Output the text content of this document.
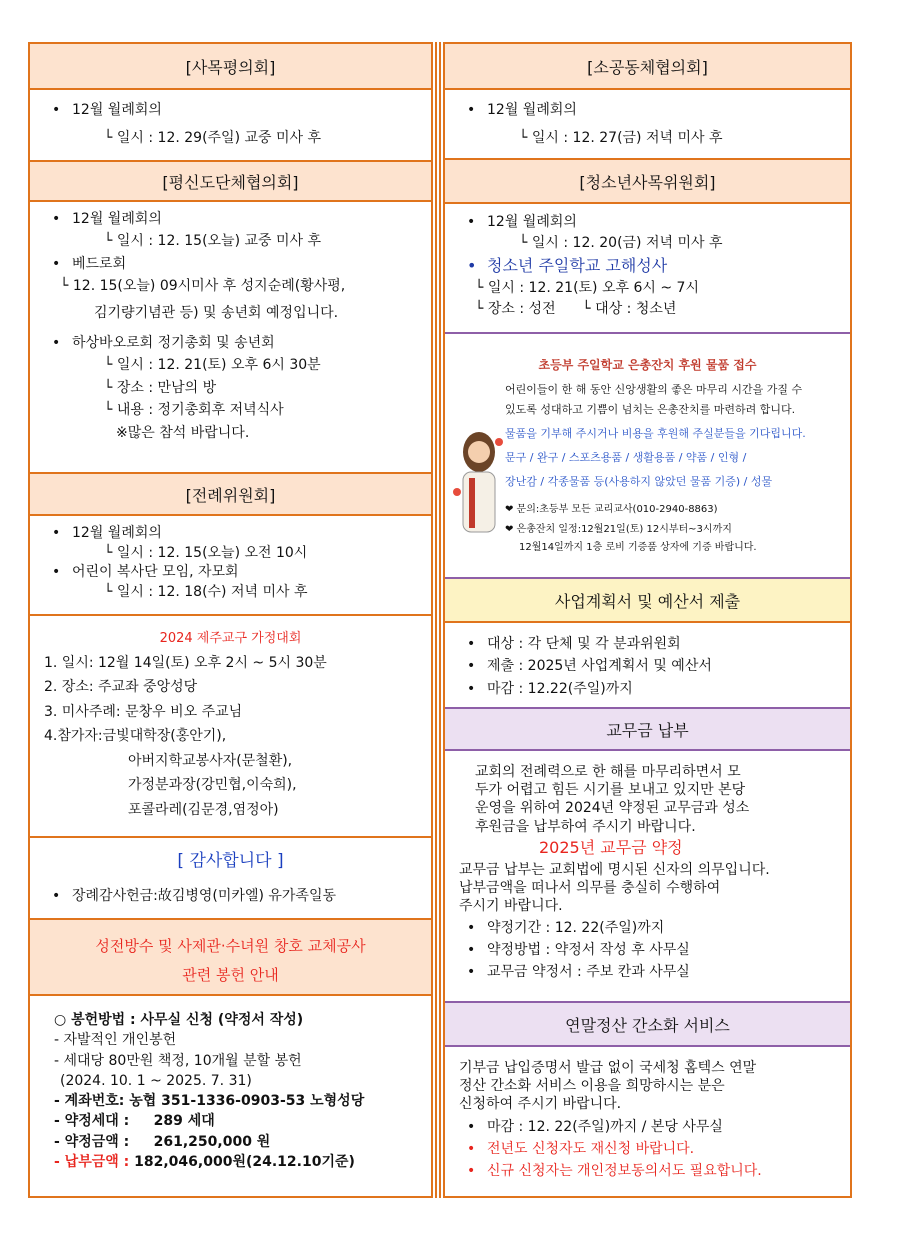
[사목평의회]
• 12월 월례회의
└ 일시 : 12. 29(주일) 교중 미사 후
[평신도단체협의회]
• 12월 월례회의
└ 일시 : 12. 15(오늘) 교중 미사 후
• 베드로회
└ 12. 15(오늘) 09시미사 후 성지순례(황사평,
김기량기념관 등) 및 송년회 예정입니다.
• 하상바오로회 정기총회 및 송년회
└ 일시 : 12. 21(토) 오후 6시 30분
└ 장소 : 만남의 방
└ 내용 : 정기총회후 저녁식사
※많은 참석 바랍니다.
[전례위원회]
• 12월 월례회의
└ 일시 : 12. 15(오늘) 오전 10시
• 어린이 복사단 모임, 자모회
└ 일시 : 12. 18(수) 저녁 미사 후
2024 제주교구 가정대회
1. 일시: 12월 14일(토) 오후 2시 ~ 5시 30분
2. 장소: 주교좌 중앙성당
3. 미사주례: 문창우 비오 주교님
4.참가자:금빛대학장(홍안기),
아버지학교봉사자(문철환),
가정분과장(강민협,이숙희),
포콜라레(김문경,염정아)
[ 감사합니다 ]
• 장례감사헌금:故김병영(미카엘) 유가족일동
성전방수 및 사제관·수녀원 창호 교체공사
관련 봉헌 안내
○ 봉헌방법 : 사무실 신청 (약정서 작성)
- 자발적인 개인봉헌
- 세대당 80만원 책정, 10개월 분할 봉헌
(2024. 10. 1 ~ 2025. 7. 31)
- 계좌번호: 농협 351-1336-0903-53 노형성당
- 약정세대 :     289 세대
- 약정금액 :     261,250,000 원
- 납부금액 : 182,046,000원(24.12.10기준)
[소공동체협의회]
• 12월 월례회의
└ 일시 : 12. 27(금) 저녁 미사 후
[청소년사목위원회]
• 12월 월례회의
└ 일시 : 12. 20(금) 저녁 미사 후
• 청소년 주일학교 고해성사
└ 일시 : 12. 21(토) 오후 6시 ~ 7시
└ 장소 : 성전      └ 대상 : 청소년
초등부 주일학교 은총잔치 후원 물품 접수
어린이들이 한 해 동안 신앙생활의 좋은 마무리 시간을 가질 수
있도록 성대하고 기쁨이 넘치는 은총잔치를 마련하려 합니다.
물품을 기부해 주시거나 비용을 후원해 주실분들을 기다립니다.
문구 / 완구 / 스포츠용품 / 생활용품 / 약품 / 인형 /
장난감 / 각종물품 등(사용하지 않았던 물품 기증) / 성물
❤ 문의:초등부 모든 교리교사(010-2940-8863)
❤ 은총잔치 일정:12월21일(토) 12시부터~3시까지
12월14일까지 1층 로비 기증품 상자에 기증 바랍니다.
사업계획서 및 예산서 제출
• 대상 : 각 단체 및 각 분과위원회
• 제출 : 2025년 사업계획서 및 예산서
• 마감 : 12.22(주일)까지
교무금 납부
교회의 전례력으로 한 해를 마무리하면서 모
두가 어렵고 힘든 시기를 보내고 있지만 본당
운영을 위하여 2024년 약정된 교무금과 성소
후원금을 납부하여 주시기 바랍니다.
2025년 교무금 약정
교무금 납부는 교회법에 명시된 신자의 의무입니다.
납부금액을 떠나서 의무를 충실히 수행하여
주시기 바랍니다.
• 약정기간 : 12. 22(주일)까지
• 약정방법 : 약정서 작성 후 사무실
• 교무금 약정서 : 주보 칸과 사무실
연말정산 간소화 서비스
기부금 납입증명서 발급 없이 국세청 홈텍스 연말
정산 간소화 서비스 이용을 희망하시는 분은
신청하여 주시기 바랍니다.
• 마감 : 12. 22(주일)까지 / 본당 사무실
• 전년도 신청자도 재신청 바랍니다.
• 신규 신청자는 개인정보동의서도 필요합니다.
